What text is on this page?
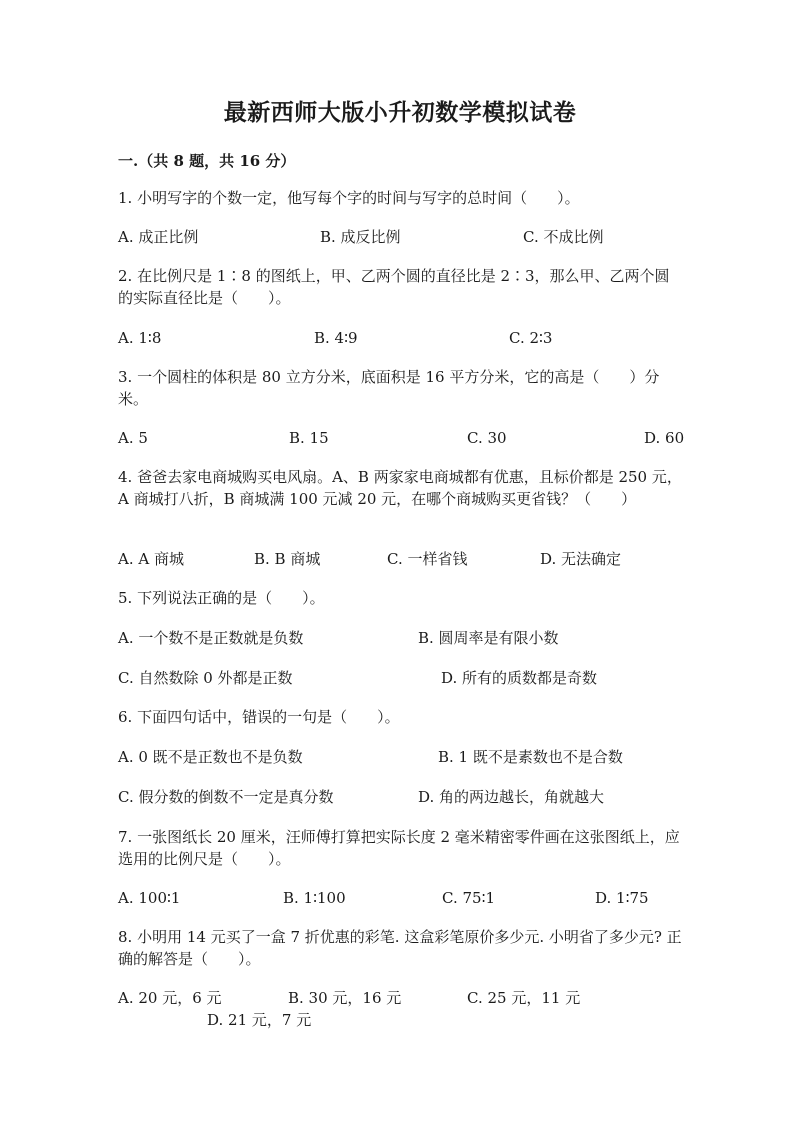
最新西师大版小升初数学模拟试卷
一.（共 8 题，共 16 分）
1. 小明写字的个数一定，他写每个字的时间与写字的总时间（　　）。
A. 成正比例	B. 成反比例	C. 不成比例
2. 在比例尺是 1∶8 的图纸上，甲、乙两个圆的直径比是 2∶3，那么甲、乙两个圆的实际直径比是（　　）。
A. 1∶8	B. 4∶9	C. 2∶3
3. 一个圆柱的体积是 80 立方分米，底面积是 16 平方分米，它的高是（　　）分米。
A. 5	B. 15	C. 30	D. 60
4. 爸爸去家电商城购买电风扇。A、B 两家家电商城都有优惠，且标价都是 250 元，A 商城打八折，B 商城满 100 元减 20 元，在哪个商城购买更省钱？（　　）
A. A 商城	B. B 商城	C. 一样省钱	D. 无法确定
5. 下列说法正确的是（　　）。
A. 一个数不是正数就是负数	B. 圆周率是有限小数
C. 自然数除 0 外都是正数	D. 所有的质数都是奇数
6. 下面四句话中，错误的一句是（　　）。
A. 0 既不是正数也不是负数	B. 1 既不是素数也不是合数
C. 假分数的倒数不一定是真分数	D. 角的两边越长，角就越大
7. 一张图纸长 20 厘米，汪师傅打算把实际长度 2 毫米精密零件画在这张图纸上，应选用的比例尺是（　　）。
A. 100∶1	B. 1∶100	C. 75∶1	D. 1∶75
8. 小明用 14 元买了一盒 7 折优惠的彩笔. 这盒彩笔原价多少元. 小明省了多少元? 正确的解答是（　　）。
A. 20 元，6 元	B. 30 元，16 元	C. 25 元，11 元
D. 21 元，7 元
